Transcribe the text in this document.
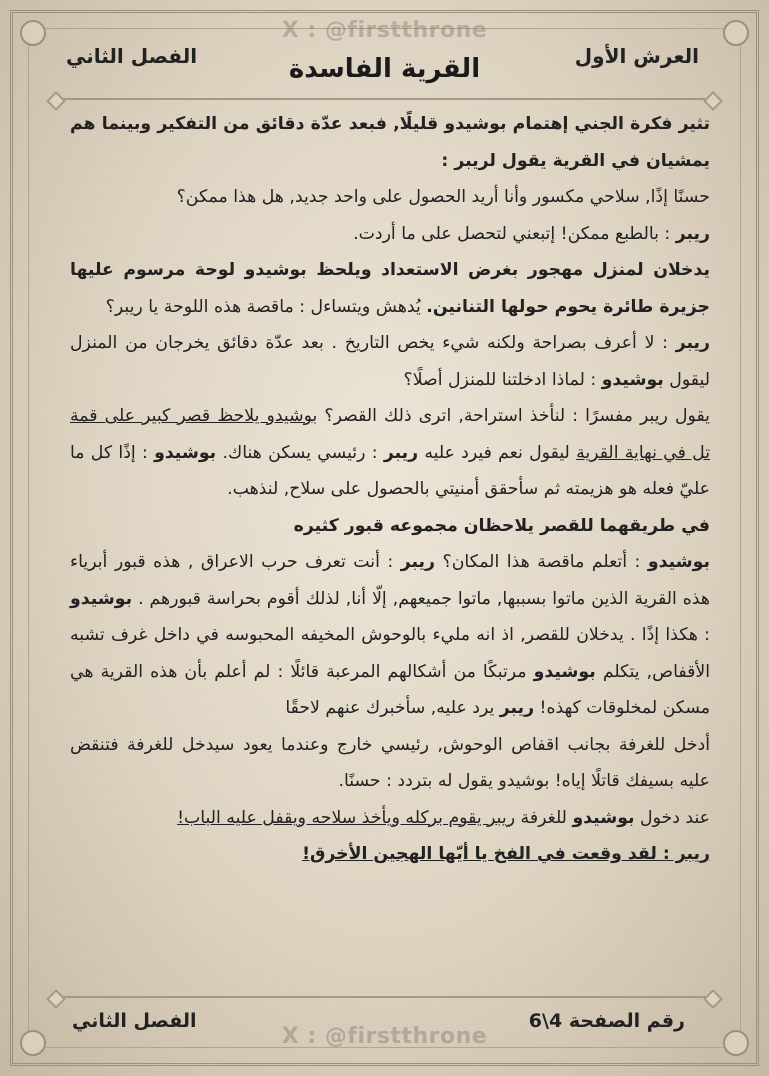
X : @firstthrone
العرش الأول
الفصل الثاني	القرية الفاسدة

تثير فكرة الجني إهتمام بوشيدو قليلًا, فبعد عدّة دقائق من التفكير وبينما هم يمشيان في القرية يقول لريبر :

حسنًا إذًا, سلاحي مكسور وأنا أريد الحصول على واحد جديد, هل هذا ممكن؟

ريبر : بالطبع ممكن! إتبعني لتحصل على ما أردت.

يدخلان لمنزل مهجور بغرض الاستعداد ويلحظ بوشيدو لوحة مرسوم عليها جزيرة طائرة يحوم حولها التنانين. يُدهش ويتساءل : ماقصة هذه اللوحة يا ريبر؟

ريبر : لا أعرف بصراحة ولكنه شيء يخص التاريخ . بعد عدّة دقائق يخرجان من المنزل ليقول بوشيدو : لماذا ادخلتنا للمنزل أصلًا؟

يقول ريبر مفسرًا : لنأخذ استراحة, اترى ذلك القصر؟ بوشيدو يلاحظ قصر كبير على قمة تل في نهاية القرية ليقول نعم فيرد عليه ريبر : رئيسي يسكن هناك. بوشيدو : إذًا كل ما عليّ فعله هو هزيمته ثم سأحقق أمنيتي بالحصول على سلاح, لنذهب.

في طريقهما للقصر يلاحظان مجموعه قبور كثيره

بوشيدو : أتعلم ماقصة هذا المكان؟ ريبر : أنت تعرف حرب الاعراق , هذه قبور أبرياء هذه القرية الذين ماتوا بسببها, ماتوا جميعهم, إلّا أنا, لذلك أقوم بحراسة قبورهم . بوشيدو : هكذا إذًا . يدخلان للقصر, اذ انه مليء بالوحوش المخيفه المحبوسه في داخل غرف تشبه الأقفاص, يتكلم بوشيدو مرتبكًا من أشكالهم المرعبة قائلًا : لم أعلم بأن هذه القرية هي مسكن لمخلوقات كهذه! ريبر يرد عليه, سأخبرك عنهم لاحقًا

أدخل للغرفة بجانب اقفاص الوحوش, رئيسي خارج وعندما يعود سيدخل للغرفة فتنقض عليه بسيفك قاتلًا إياه! بوشيدو يقول له بتردد : حسنًا.

عند دخول بوشيدو للغرفة ريبر يقوم بركله ويأخذ سلاحه ويقفل عليه الباب!

ريبر : لقد وقعت في الفخ يا أيّها الهجين الأخرق!

رقم الصفحة 4\6
الفصل الثاني
X : @firstthrone
